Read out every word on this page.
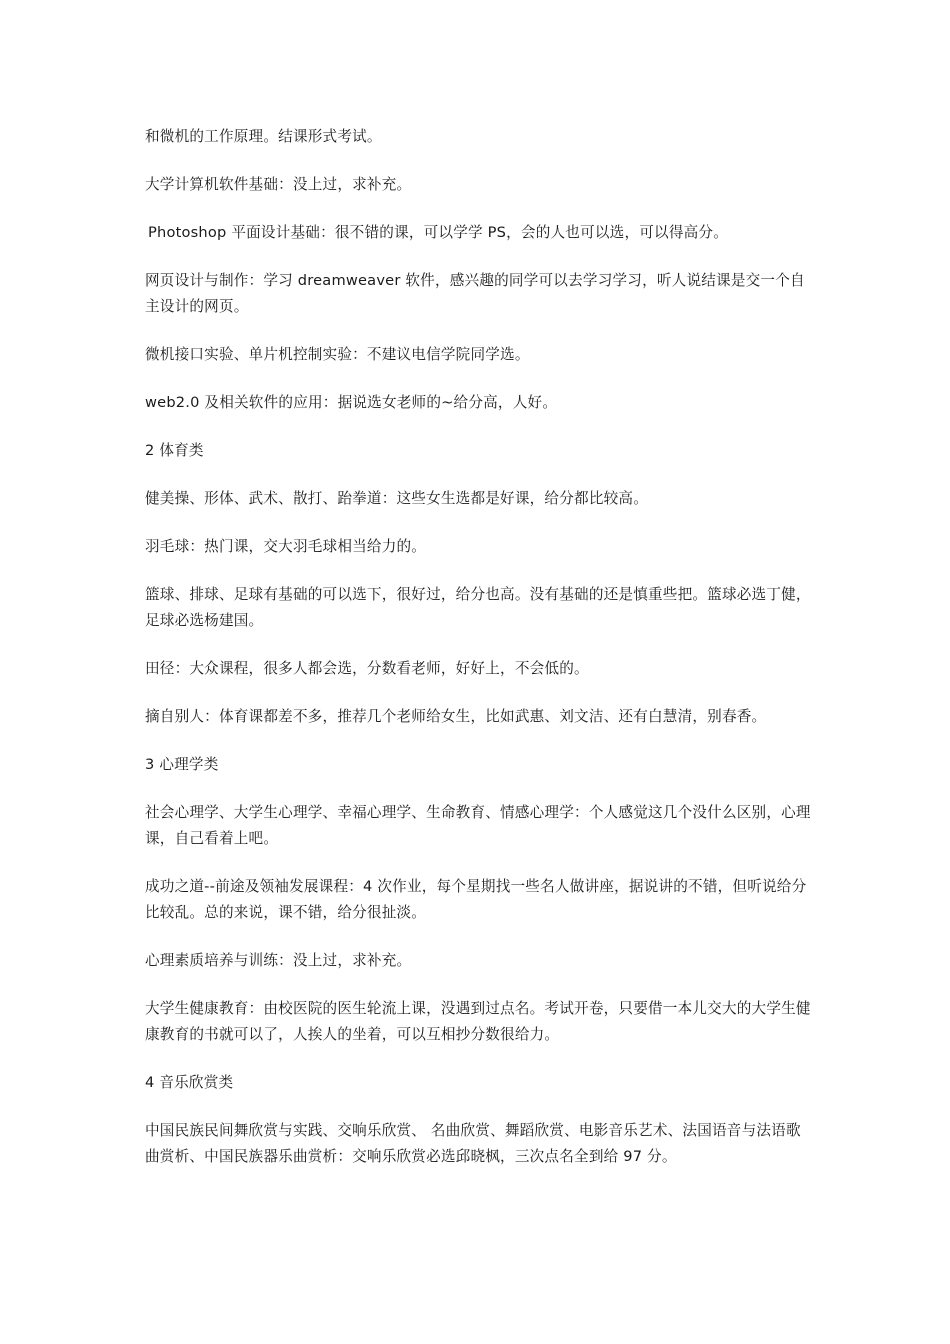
和微机的工作原理。结课形式考试。

大学计算机软件基础：没上过，求补充。

Photoshop 平面设计基础：很不错的课，可以学学 PS，会的人也可以选，可以得高分。

网页设计与制作：学习 dreamweaver 软件，感兴趣的同学可以去学习学习，听人说结课是交一个自主设计的网页。

微机接口实验、单片机控制实验：不建议电信学院同学选。

web2.0 及相关软件的应用：据说选女老师的~给分高，人好。

2 体育类

健美操、形体、武术、散打、跆拳道：这些女生选都是好课，给分都比较高。

羽毛球：热门课，交大羽毛球相当给力的。

篮球、排球、足球有基础的可以选下，很好过，给分也高。没有基础的还是慎重些把。篮球必选丁健，足球必选杨建国。

田径：大众课程，很多人都会选，分数看老师，好好上，不会低的。

摘自别人：体育课都差不多，推荐几个老师给女生，比如武惠、刘文洁、还有白慧清，别春香。

3 心理学类

社会心理学、大学生心理学、幸福心理学、生命教育、情感心理学：个人感觉这几个没什么区别，心理课，自己看着上吧。

成功之道--前途及领袖发展课程：4 次作业，每个星期找一些名人做讲座，据说讲的不错，但听说给分比较乱。总的来说，课不错，给分很扯淡。

心理素质培养与训练：没上过，求补充。

大学生健康教育：由校医院的医生轮流上课，没遇到过点名。考试开卷，只要借一本儿交大的大学生健康教育的书就可以了，人挨人的坐着，可以互相抄分数很给力。

4 音乐欣赏类

中国民族民间舞欣赏与实践、交响乐欣赏、 名曲欣赏、舞蹈欣赏、电影音乐艺术、法国语音与法语歌曲赏析、中国民族器乐曲赏析：交响乐欣赏必选邱晓枫，三次点名全到给 97 分。
